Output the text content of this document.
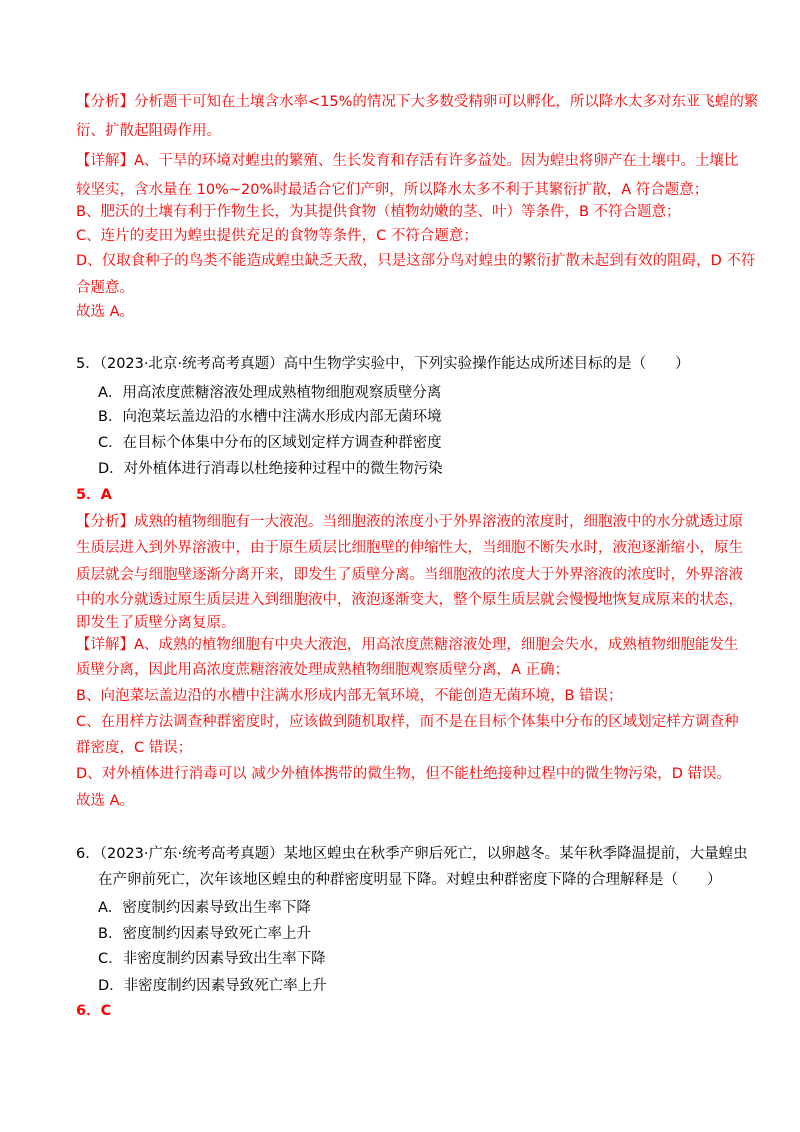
【分析】分析题干可知在土壤含水率<15%的情况下大多数受精卵可以孵化，所以降水太多对东亚飞蝗的繁
衍、扩散起阻碍作用。
【详解】A、干旱的环境对蝗虫的繁殖、生长发育和存活有许多益处。因为蝗虫将卵产在土壤中。土壤比
较坚实，含水量在 10%~20%时最适合它们产卵，所以降水太多不利于其繁衍扩散，A 符合题意；
B、肥沃的土壤有利于作物生长，为其提供食物（植物幼嫩的茎、叶）等条件，B 不符合题意；
C、连片的麦田为蝗虫提供充足的食物等条件，C 不符合题意；
D、仅取食种子的鸟类不能造成蝗虫缺乏天敌，只是这部分鸟对蝗虫的繁衍扩散未起到有效的阻碍，D 不符
合题意。
故选 A。
5．（2023·北京·统考高考真题）高中生物学实验中，下列实验操作能达成所述目标的是（　　）
A．用高浓度蔗糖溶液处理成熟植物细胞观察质壁分离
B．向泡菜坛盖边沿的水槽中注满水形成内部无菌环境
C．在目标个体集中分布的区域划定样方调查种群密度
D．对外植体进行消毒以杜绝接种过程中的微生物污染
5．A
【分析】成熟的植物细胞有一大液泡。当细胞液的浓度小于外界溶液的浓度时，细胞液中的水分就透过原
生质层进入到外界溶液中，由于原生质层比细胞壁的伸缩性大，当细胞不断失水时，液泡逐渐缩小，原生
质层就会与细胞壁逐渐分离开来，即发生了质壁分离。当细胞液的浓度大于外界溶液的浓度时，外界溶液
中的水分就透过原生质层进入到细胞液中，液泡逐渐变大，整个原生质层就会慢慢地恢复成原来的状态，
即发生了质壁分离复原。
【详解】A、成熟的植物细胞有中央大液泡，用高浓度蔗糖溶液处理，细胞会失水，成熟植物细胞能发生
质壁分离，因此用高浓度蔗糖溶液处理成熟植物细胞观察质壁分离，A 正确；
B、向泡菜坛盖边沿的水槽中注满水形成内部无氧环境，不能创造无菌环境，B 错误；
C、在用样方法调查种群密度时，应该做到随机取样，而不是在目标个体集中分布的区域划定样方调查种
群密度，C 错误；
D、对外植体进行消毒可以 减少外植体携带的微生物，但不能杜绝接种过程中的微生物污染，D 错误。
故选 A。
6．（2023·广东·统考高考真题）某地区蝗虫在秋季产卵后死亡，以卵越冬。某年秋季降温提前，大量蝗虫
在产卵前死亡，次年该地区蝗虫的种群密度明显下降。对蝗虫种群密度下降的合理解释是（　　）
A．密度制约因素导致出生率下降
B．密度制约因素导致死亡率上升
C．非密度制约因素导致出生率下降
D．非密度制约因素导致死亡率上升
6．C
